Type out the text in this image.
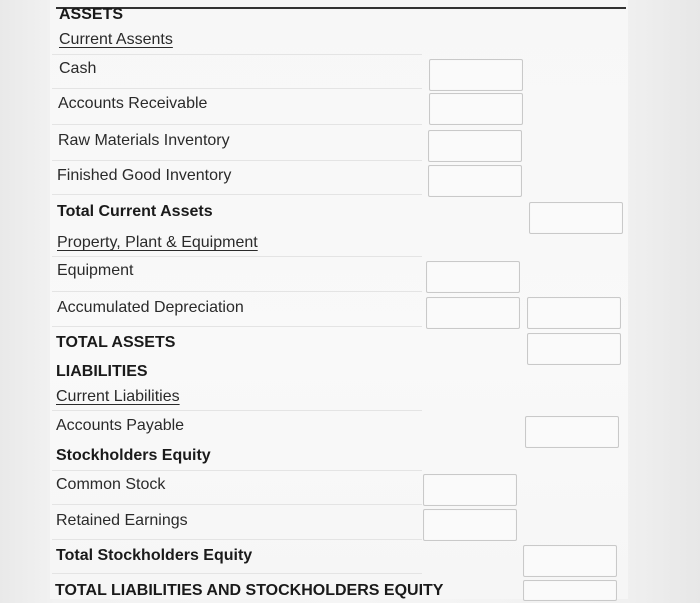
ASSETS
Current Assents
Cash
Accounts Receivable
Raw Materials Inventory
Finished Good Inventory
Total Current Assets
Property, Plant & Equipment
Equipment
Accumulated Depreciation
TOTAL ASSETS
LIABILITIES
Current Liabilities
Accounts Payable
Stockholders Equity
Common Stock
Retained Earnings
Total Stockholders Equity
TOTAL LIABILITIES AND STOCKHOLDERS EQUITY
